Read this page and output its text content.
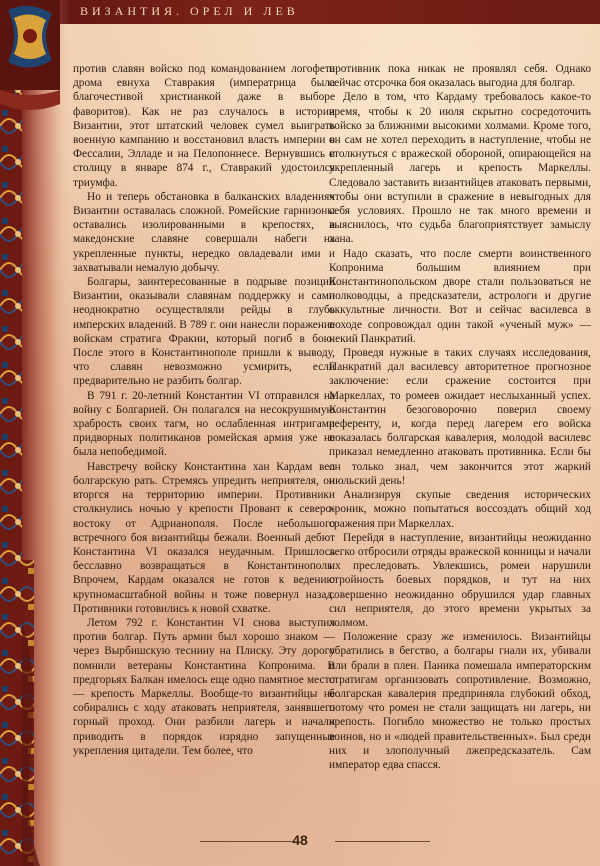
ВИЗАНТИЯ. ОРЕЛ И ЛЕВ

против славян войско под командованием логофета дрома евнуха Ставракия (императрица была благочестивой христианкой даже в выборе фаворитов). Как не раз случалось в истории Византии, этот штатский человек сумел выиграть военную кампанию и восстановил власть империи в Фессалии, Элладе и на Пелопоннесе. Вернувшись в столицу в январе 874 г., Ставракий удостоился триумфа.

Но и теперь обстановка в балканских владениях Византии оставалась сложной. Ромейские гарнизоны оставались изолированными в крепостях, а македонские славяне совершали набеги на укрепленные пункты, нередко овладевали ими и захватывали немалую добычу.

Болгары, заинтересованные в подрыве позиций Византии, оказывали славянам поддержку и сами неоднократно осуществляли рейды в глубь имперских владений. В 789 г. они нанесли поражение войскам стратига Фракии, который погиб в бою. После этого в Константинополе пришли к выводу, что славян невозможно усмирить, если предварительно не разбить болгар.

В 791 г. 20-летний Константин VI отправился на войну с Болгарией. Он полагался на несокрушимую храбрость своих тагм, но ослабленная интригами придворных политиканов ромейская армия уже не была непобедимой.

Навстречу войску Константина хан Кардам вел болгарскую рать. Стремясь упредить неприятеля, он вторгся на территорию империи. Противники столкнулись ночью у крепости Провант к северо-востоку от Адрианополя. После небольшого встречного боя византийцы бежали. Военный дебют Константина VI оказался неудачным. Пришлось бесславно возвращаться в Константинополь. Впрочем, Кардам оказался не готов к ведению крупномасштабной войны и тоже повернул назад. Противники готовились к новой схватке.

Летом 792 г. Константин VI снова выступил против болгар. Путь армии был хорошо знаком — через Вырбишскую теснину на Плиску. Эту дорогу помнили ветераны Константина Копронима. В предгорьях Балкан имелось еще одно памятное место — крепость Маркеллы. Вообще-то византийцы не собирались с ходу атаковать неприятеля, занявшего горный проход. Они разбили лагерь и начали приводить в порядок изрядно запущенные укрепления цитадели. Тем более, что

противник пока никак не проявлял себя. Однако сейчас отсрочка боя оказалась выгодна для болгар.

Дело в том, что Кардаму требовалось какое-то время, чтобы к 20 июля скрытно сосредоточить войско за ближними высокими холмами. Кроме того, он сам не хотел переходить в наступление, чтобы не столкнуться с вражеской обороной, опирающейся на укрепленный лагерь и крепость Маркеллы. Следовало заставить византийцев атаковать первыми, чтобы они вступили в сражение в невыгодных для себя условиях. Прошло не так много времени и выяснилось, что судьба благоприятствует замыслу хана.

Надо сказать, что после смерти воинственного Копронима большим влиянием при Константинопольском дворе стали пользоваться не полководцы, а предсказатели, астрологи и другие оккультные личности. Вот и сейчас василевса в походе сопровождал один такой «ученый муж» — некий Панкратий.

Проведя нужные в таких случаях исследования, Панкратий дал василевсу авторитетное прогнозное заключение: если сражение состоится при Маркеллах, то ромеев ожидает неслыханный успех. Константин безоговорочно поверил своему референту, и, когда перед лагерем его войска показалась болгарская кавалерия, молодой василевс приказал немедленно атаковать противника. Если бы он только знал, чем закончится этот жаркий июльский день!

Анализируя скупые сведения исторических хроник, можно попытаться воссоздать общий ход сражения при Маркеллах.

Перейдя в наступление, византийцы неожиданно легко отбросили отряды вражеской конницы и начали их преследовать. Увлекшись, ромеи нарушили стройность боевых порядков, и тут на них совершенно неожиданно обрушился удар главных сил неприятеля, до этого времени укрытых за холмом.

Положение сразу же изменилось. Византийцы обратились в бегство, а болгары гнали их, убивали или брали в плен. Паника помешала императорским стратигам организовать сопротивление. Возможно, болгарская кавалерия предприняла глубокий обход, потому что ромеи не стали защищать ни лагерь, ни крепость. Погибло множество не только простых воинов, но и «людей правительственных». Был среди них и злополучный лжепредсказатель. Сам император едва спасся.

48
